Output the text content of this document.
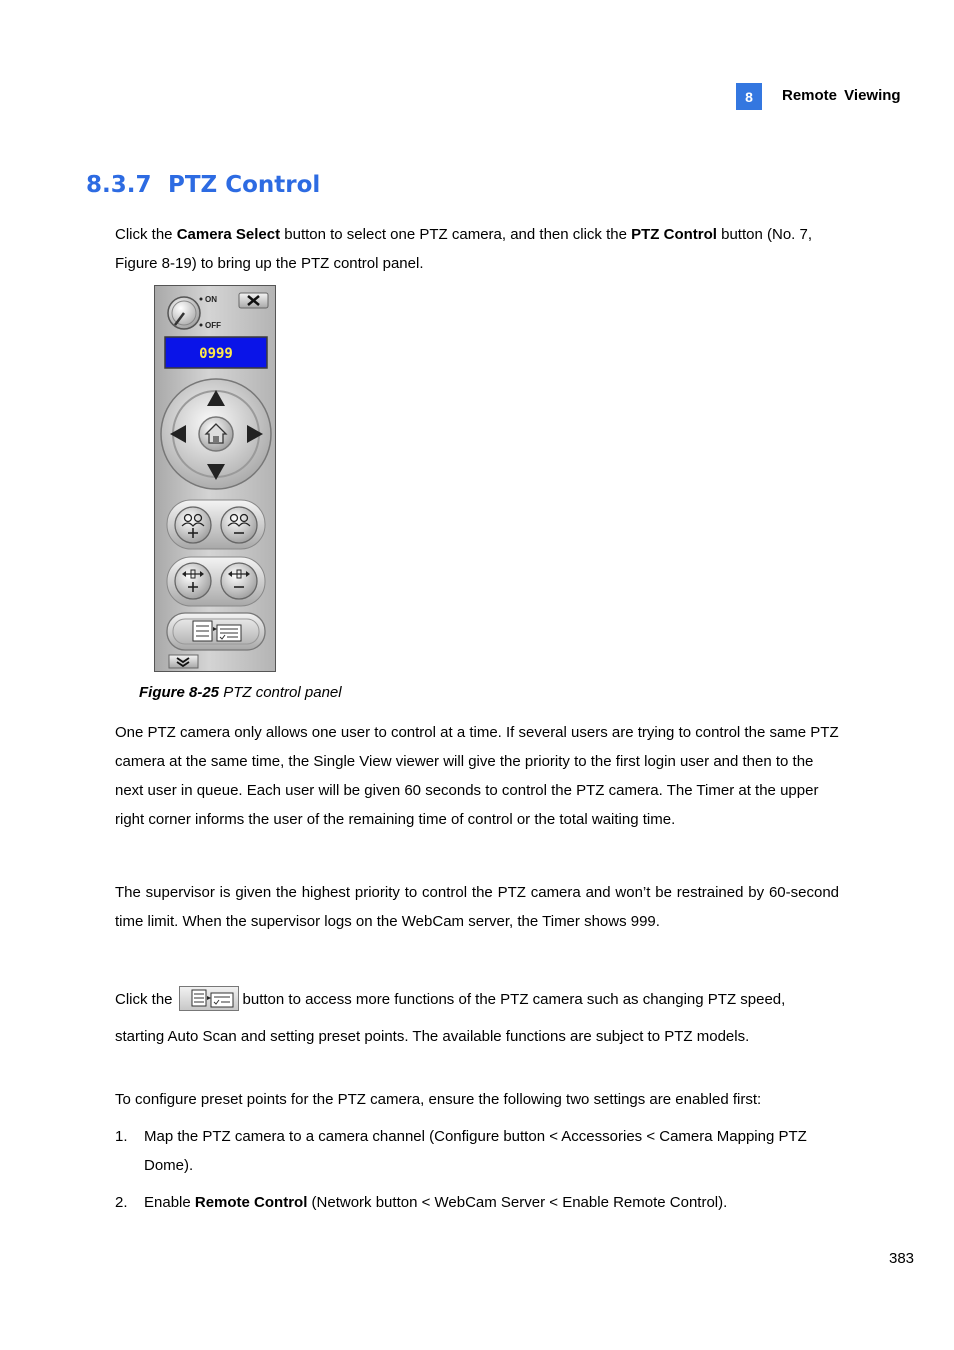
8	Remote Viewing
8.3.7 PTZ Control

Click the Camera Select button to select one PTZ camera, and then click the PTZ Control button (No. 7, Figure 8-19) to bring up the PTZ control panel.

ON
OFF
0999
Figure 8-25 PTZ control panel

One PTZ camera only allows one user to control at a time. If several users are trying to control the same PTZ camera at the same time, the Single View viewer will give the priority to the first login user and then to the next user in queue. Each user will be given 60 seconds to control the PTZ camera. The Timer at the upper right corner informs the user of the remaining time of control or the total waiting time.

The supervisor is given the highest priority to control the PTZ camera and won’t be restrained by 60-second time limit. When the supervisor logs on the WebCam server, the Timer shows 999.

Click the	button to access more functions of the PTZ camera such as changing PTZ speed,

starting Auto Scan and setting preset points. The available functions are subject to PTZ models.

To configure preset points for the PTZ camera, ensure the following two settings are enabled first:

1. Map the PTZ camera to a camera channel (Configure button < Accessories < Camera Mapping PTZ Dome).
2. Enable Remote Control (Network button < WebCam Server < Enable Remote Control).
383
